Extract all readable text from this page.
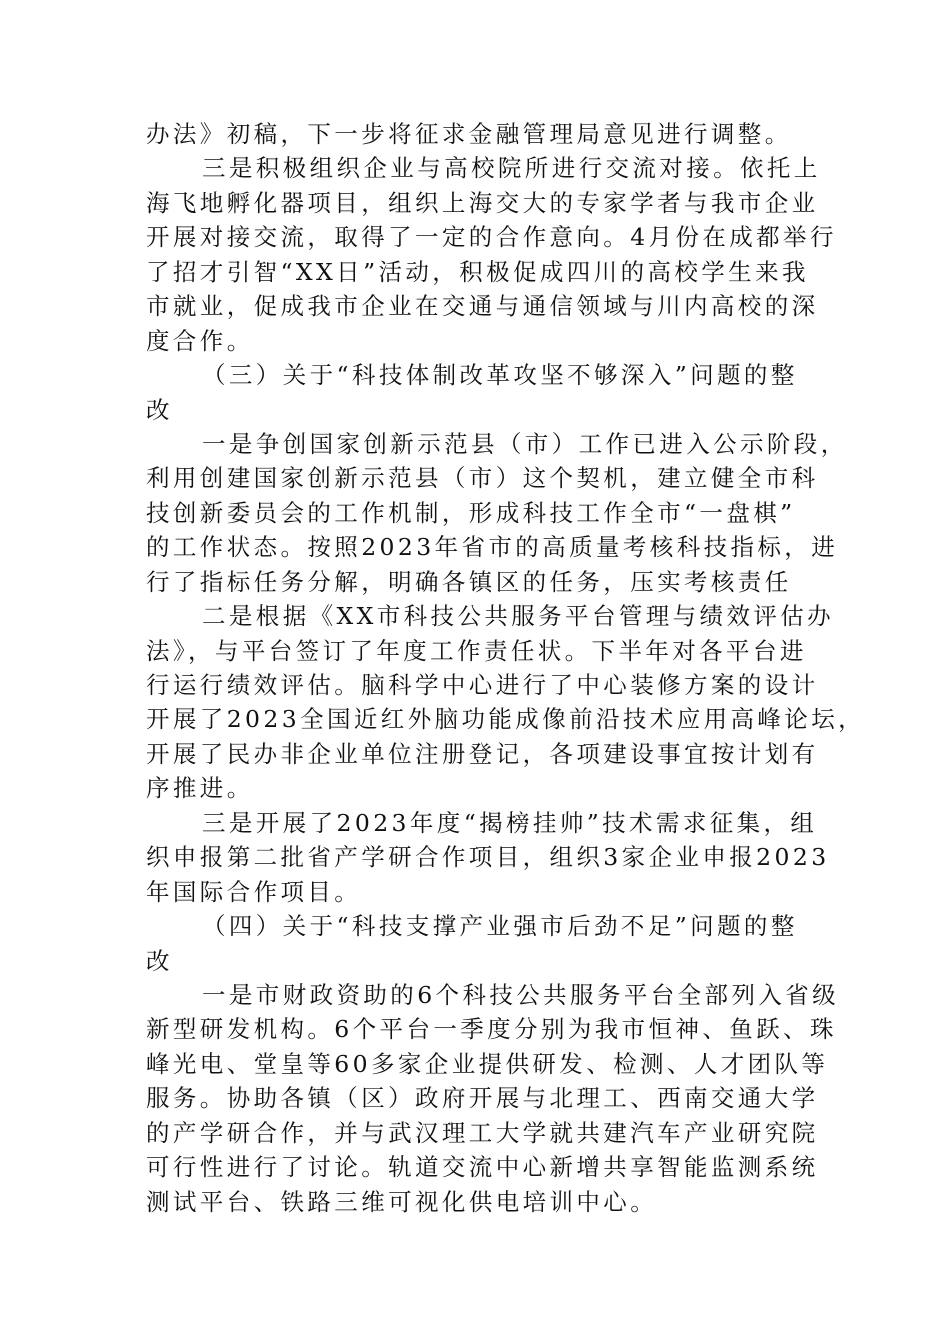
办法》初稿，下一步将征求金融管理局意见进行调整。
三是积极组织企业与高校院所进行交流对接。依托上
海飞地孵化器项目，组织上海交大的专家学者与我市企业
开展对接交流，取得了一定的合作意向。4月份在成都举行
了招才引智“XX日”活动，积极促成四川的高校学生来我
市就业，促成我市企业在交通与通信领域与川内高校的深
度合作。
（三）关于“科技体制改革攻坚不够深入”问题的整
改
一是争创国家创新示范县（市）工作已进入公示阶段，
利用创建国家创新示范县（市）这个契机，建立健全市科
技创新委员会的工作机制，形成科技工作全市“一盘棋”
的工作状态。按照2023年省市的高质量考核科技指标，进
行了指标任务分解，明确各镇区的任务，压实考核责任
二是根据《XX市科技公共服务平台管理与绩效评估办
法》，与平台签订了年度工作责任状。下半年对各平台进
行运行绩效评估。脑科学中心进行了中心装修方案的设计
开展了2023全国近红外脑功能成像前沿技术应用高峰论坛，
开展了民办非企业单位注册登记，各项建设事宜按计划有
序推进。
三是开展了2023年度“揭榜挂帅”技术需求征集，组
织申报第二批省产学研合作项目，组织3家企业申报2023
年国际合作项目。
（四）关于“科技支撑产业强市后劲不足”问题的整
改
一是市财政资助的6个科技公共服务平台全部列入省级
新型研发机构。6个平台一季度分别为我市恒神、鱼跃、珠
峰光电、堂皇等60多家企业提供研发、检测、人才团队等
服务。协助各镇（区）政府开展与北理工、西南交通大学
的产学研合作，并与武汉理工大学就共建汽车产业研究院
可行性进行了讨论。轨道交流中心新增共享智能监测系统
测试平台、铁路三维可视化供电培训中心。
